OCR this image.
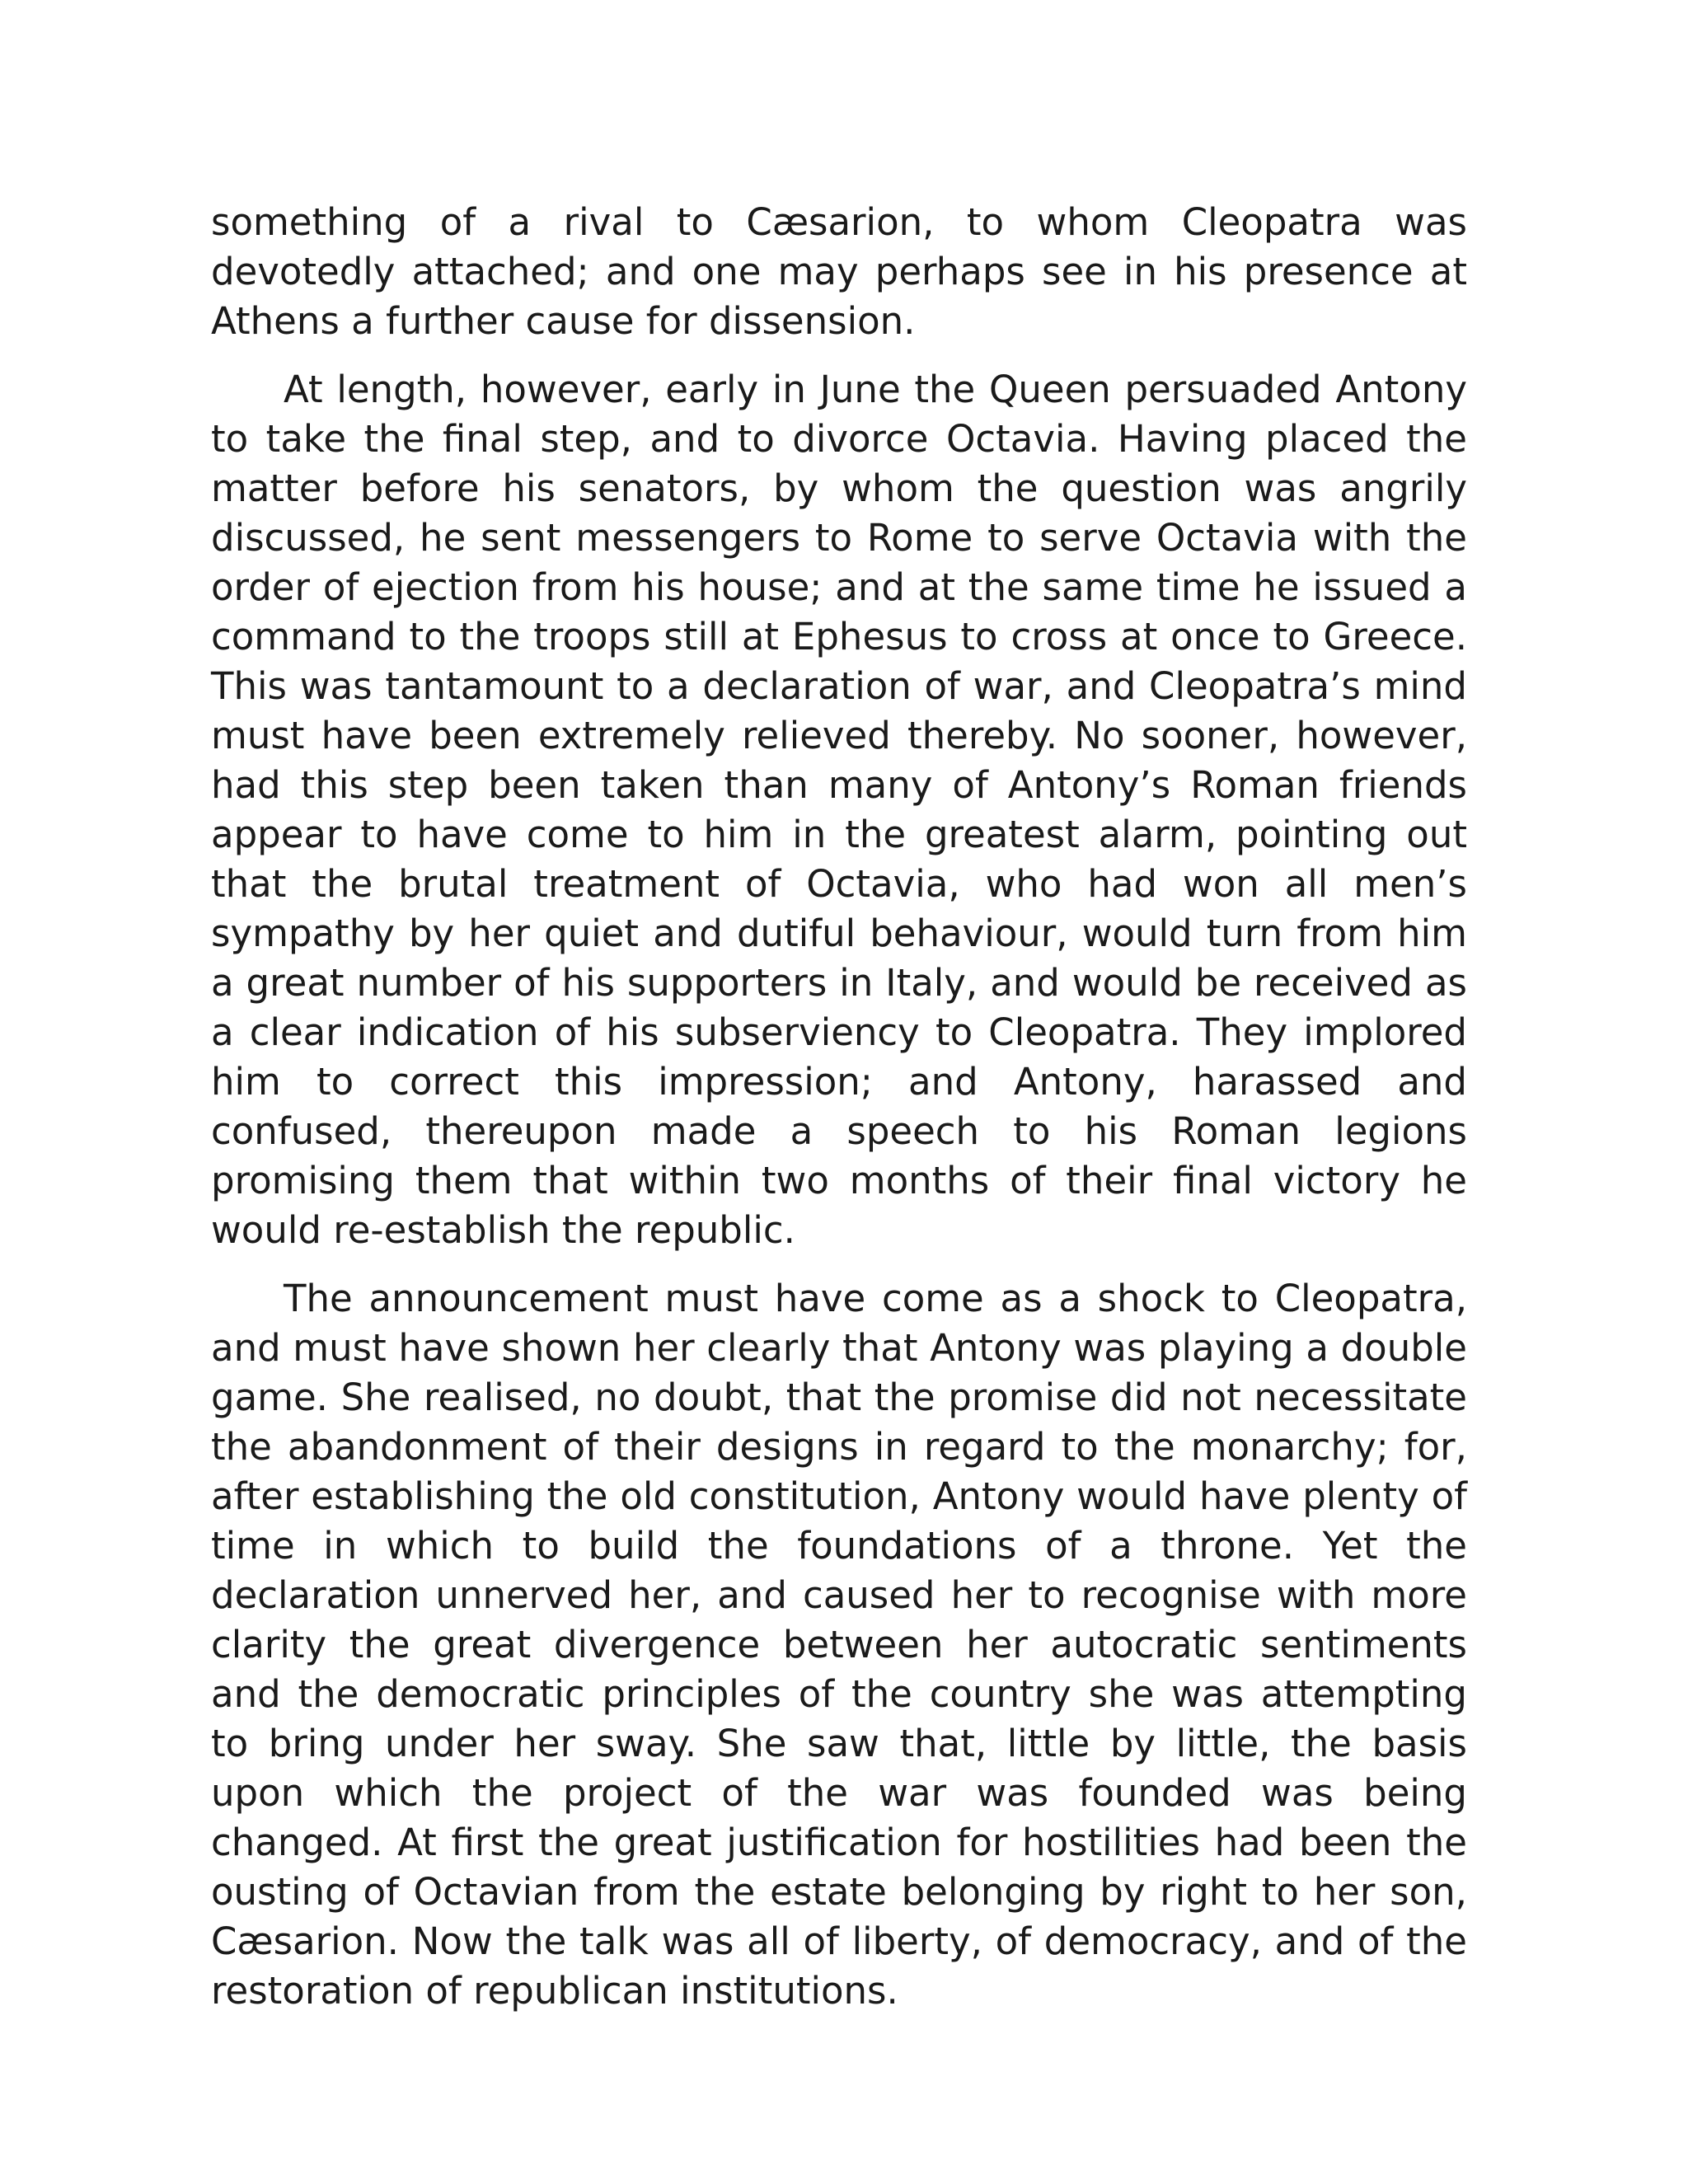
something of a rival to Cæsarion, to whom Cleopatra was devotedly attached; and one may perhaps see in his presence at Athens a further cause for dissension.

At length, however, early in June the Queen persuaded Antony to take the final step, and to divorce Octavia. Having placed the matter before his senators, by whom the question was angrily discussed, he sent messengers to Rome to serve Octavia with the order of ejection from his house; and at the same time he issued a command to the troops still at Ephesus to cross at once to Greece. This was tantamount to a declaration of war, and Cleopatra’s mind must have been extremely relieved thereby. No sooner, however, had this step been taken than many of Antony’s Roman friends appear to have come to him in the greatest alarm, pointing out that the brutal treatment of Octavia, who had won all men’s sympathy by her quiet and dutiful behaviour, would turn from him a great number of his supporters in Italy, and would be received as a clear indication of his subserviency to Cleopatra. They implored him to correct this impression; and Antony, harassed and confused, thereupon made a speech to his Roman legions promising them that within two months of their final victory he would re-establish the republic.

The announcement must have come as a shock to Cleopatra, and must have shown her clearly that Antony was playing a double game. She realised, no doubt, that the promise did not necessitate the abandonment of their designs in regard to the monarchy; for, after establishing the old constitution, Antony would have plenty of time in which to build the foundations of a throne. Yet the declaration unnerved her, and caused her to recognise with more clarity the great divergence between her autocratic sentiments and the democratic principles of the country she was attempting to bring under her sway. She saw that, little by little, the basis upon which the project of the war was founded was being changed. At first the great justification for hostilities had been the ousting of Octavian from the estate belonging by right to her son, Cæsarion. Now the talk was all of liberty, of democracy, and of the restoration of republican institutions.
